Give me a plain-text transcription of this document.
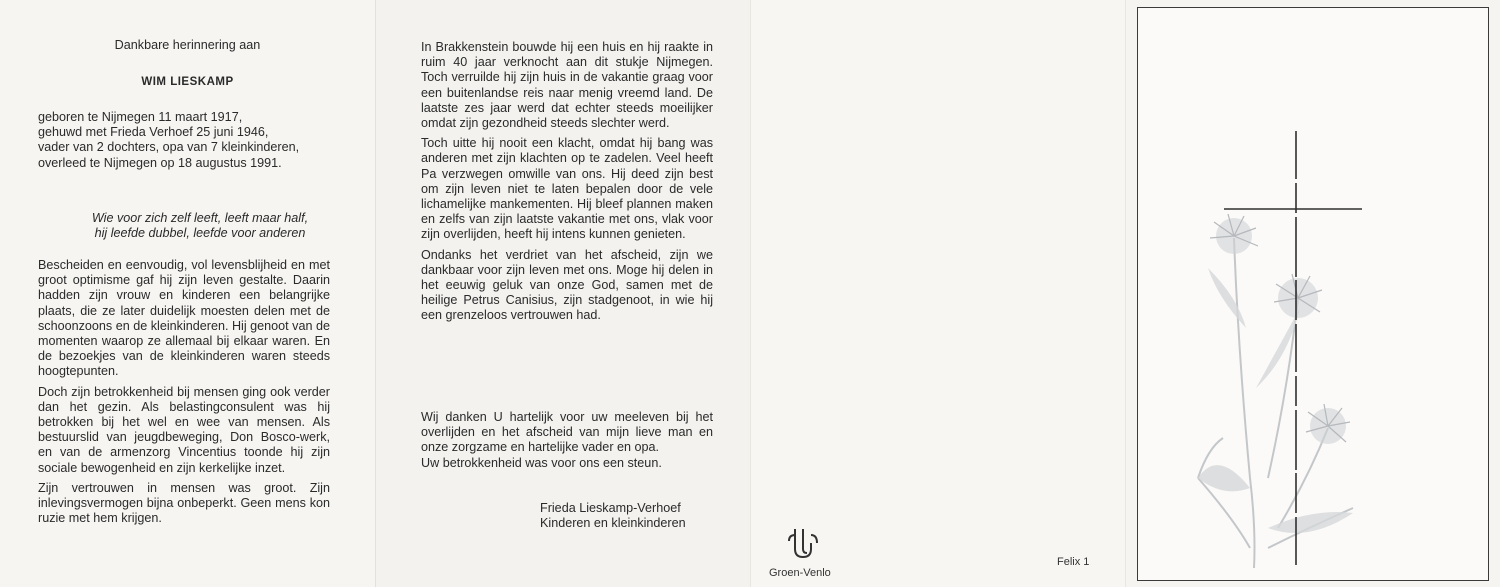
Dankbare herinnering aan
WIM LIESKAMP
geboren te Nijmegen 11 maart 1917,
gehuwd met Frieda Verhoef 25 juni 1946,
vader van 2 dochters, opa van 7 kleinkinderen,
overleed te Nijmegen op 18 augustus 1991.
Wie voor zich zelf leeft, leeft maar half,
hij leefde dubbel, leefde voor anderen

Bescheiden en eenvoudig, vol levensblijheid en met groot optimisme gaf hij zijn leven gestalte. Daarin hadden zijn vrouw en kinderen een belangrijke plaats, die ze later duidelijk moesten delen met de schoonzoons en de kleinkinderen. Hij genoot van de momenten waarop ze allemaal bij elkaar waren. En de bezoekjes van de kleinkinderen waren steeds hoogtepunten.

Doch zijn betrokkenheid bij mensen ging ook verder dan het gezin. Als belastingconsulent was hij betrokken bij het wel en wee van mensen. Als bestuurslid van jeugdbeweging, Don Bosco-werk, en van de armenzorg Vincentius toonde hij zijn sociale bewogenheid en zijn kerkelijke inzet.

Zijn vertrouwen in mensen was groot. Zijn inlevingsvermogen bijna onbeperkt. Geen mens kon ruzie met hem krijgen.

In Brakkenstein bouwde hij een huis en hij raakte in ruim 40 jaar verknocht aan dit stukje Nijmegen. Toch verruilde hij zijn huis in de vakantie graag voor een buitenlandse reis naar menig vreemd land. De laatste zes jaar werd dat echter steeds moeilijker omdat zijn gezondheid steeds slechter werd.

Toch uitte hij nooit een klacht, omdat hij bang was anderen met zijn klachten op te zadelen. Veel heeft Pa verzwegen omwille van ons. Hij deed zijn best om zijn leven niet te laten bepalen door de vele lichamelijke mankementen. Hij bleef plannen maken en zelfs van zijn laatste vakantie met ons, vlak voor zijn overlijden, heeft hij intens kunnen genieten.

Ondanks het verdriet van het afscheid, zijn we dankbaar voor zijn leven met ons. Moge hij delen in het eeuwig geluk van onze God, samen met de heilige Petrus Canisius, zijn stadgenoot, in wie hij een grenzeloos vertrouwen had.

Wij danken U hartelijk voor uw meeleven bij het overlijden en het afscheid van mijn lieve man en onze zorgzame en hartelijke vader en opa.
Uw betrokkenheid was voor ons een steun.
Frieda Lieskamp-Verhoef
Kinderen en kleinkinderen
Groen-Venlo
Felix 1
